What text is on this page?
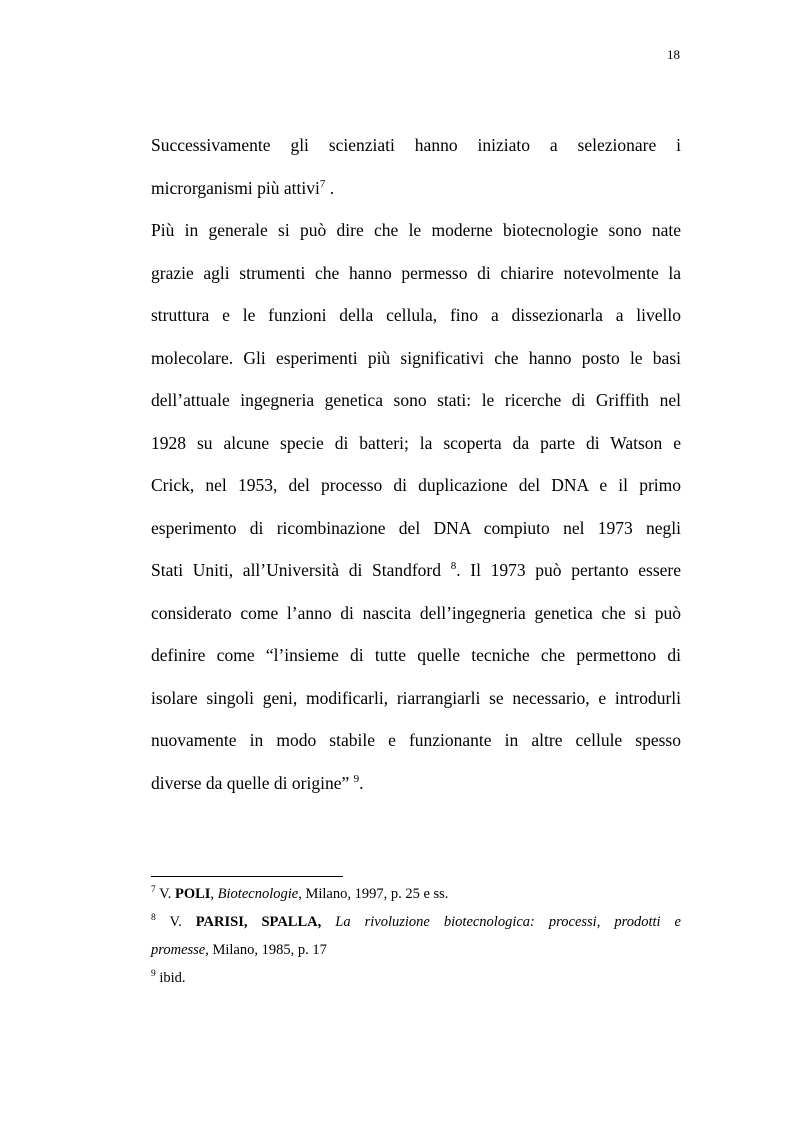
18
Successivamente gli scienziati hanno iniziato a selezionare i
microrganismi più attivi$^7$ .
Più in generale si può dire che le moderne biotecnologie sono nate
grazie agli strumenti che hanno permesso di chiarire notevolmente la
struttura e le funzioni della cellula, fino a dissezionarla a livello
molecolare. Gli esperimenti più significativi che hanno posto le basi
dell’attuale ingegneria genetica sono stati: le ricerche di Griffith nel
1928 su alcune specie di batteri; la scoperta da parte di Watson e
Crick, nel 1953, del processo di duplicazione del DNA e il primo
esperimento di ricombinazione del DNA compiuto nel 1973 negli
Stati Uniti, all’Università di Standford $^8$. Il 1973 può pertanto essere
considerato come l’anno di nascita dell’ingegneria genetica che si può
definire come “l’insieme di tutte quelle tecniche che permettono di
isolare singoli geni, modificarli, riarrangiarli se necessario, e introdurli
nuovamente in modo stabile e funzionante in altre cellule spesso
diverse da quelle di origine” $^9$.
$^7$ V. POLI, Biotecnologie, Milano, 1997, p. 25 e ss.
$^8$ V. PARISI, SPALLA, La rivoluzione biotecnologica: processi, prodotti e
promesse, Milano, 1985, p. 17
$^9$ ibid.
